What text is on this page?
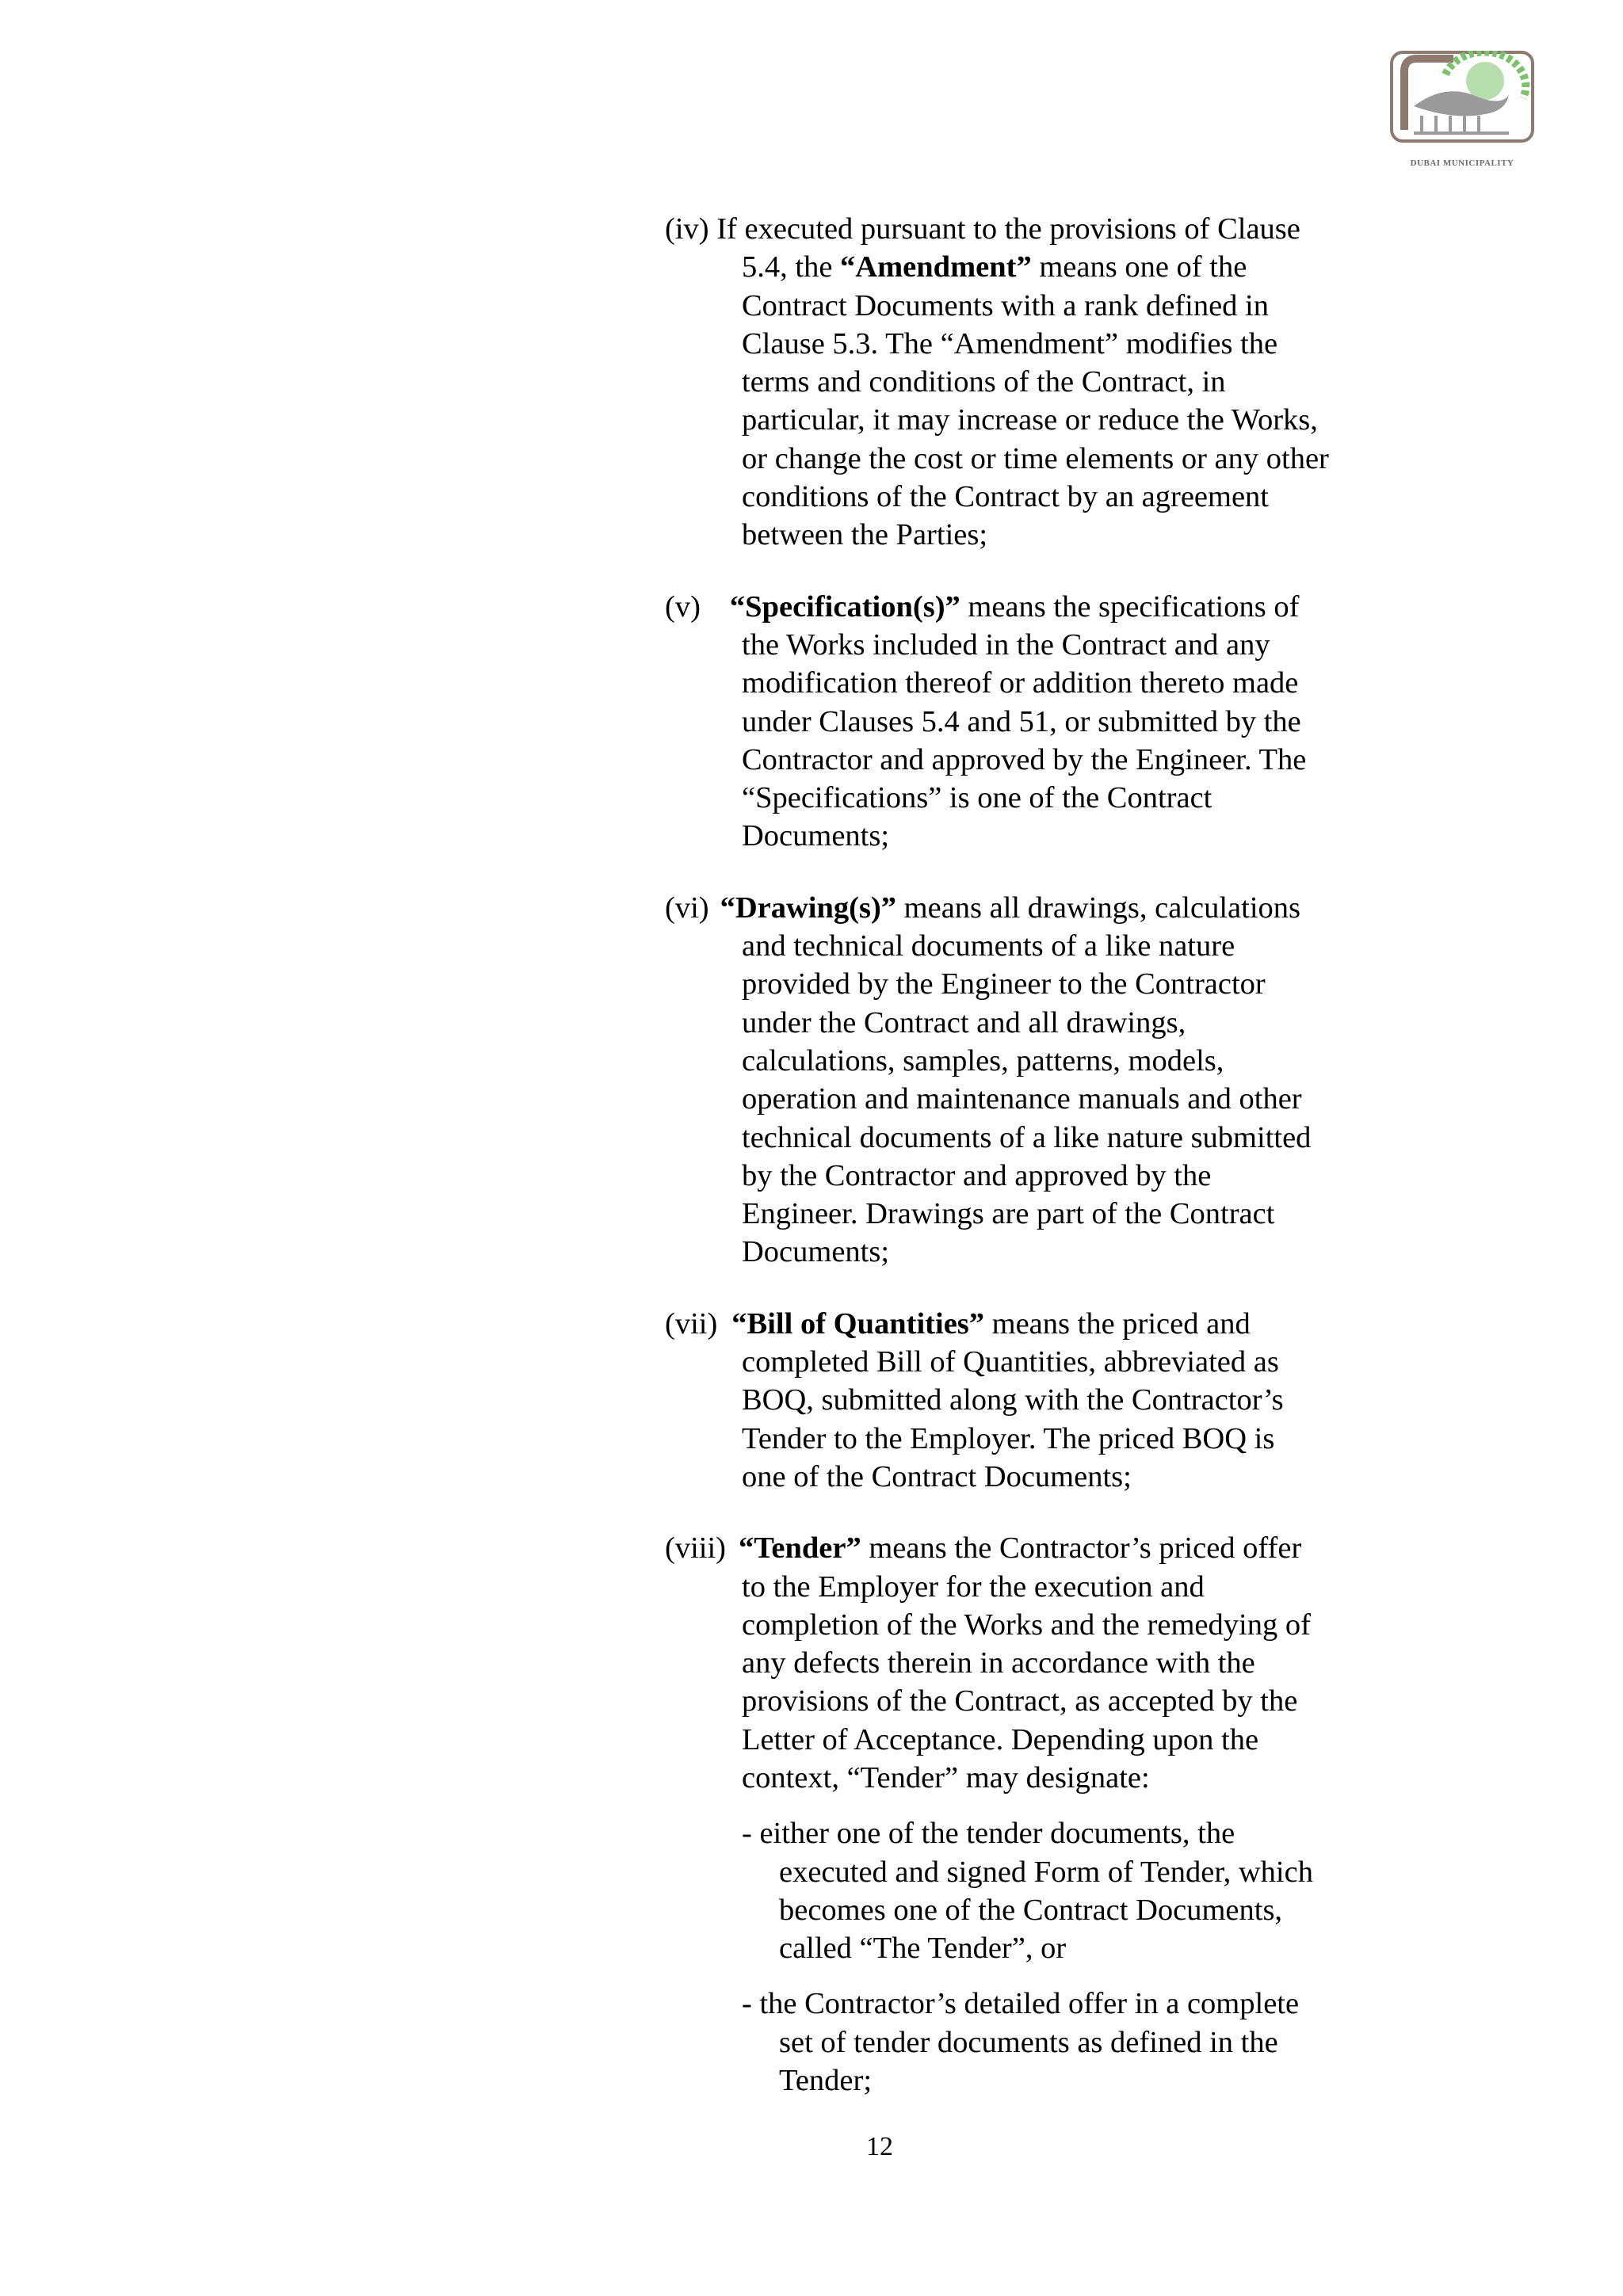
DUBAI MUNICIPALITY
(iv) If executed pursuant to the provisions of Clause
5.4, the “Amendment” means one of the
Contract Documents with a rank defined in
Clause 5.3. The “Amendment” modifies the
terms and conditions of the Contract, in
particular, it may increase or reduce the Works,
or change the cost or time elements or any other
conditions of the Contract by an agreement
between the Parties;
(v) “Specification(s)” means the specifications of
the Works included in the Contract and any
modification thereof or addition thereto made
under Clauses 5.4 and 51, or submitted by the
Contractor and approved by the Engineer. The
“Specifications” is one of the Contract
Documents;
(vi) “Drawing(s)” means all drawings, calculations
and technical documents of a like nature
provided by the Engineer to the Contractor
under the Contract and all drawings,
calculations, samples, patterns, models,
operation and maintenance manuals and other
technical documents of a like nature submitted
by the Contractor and approved by the
Engineer. Drawings are part of the Contract
Documents;
(vii) “Bill of Quantities” means the priced and
completed Bill of Quantities, abbreviated as
BOQ, submitted along with the Contractor’s
Tender to the Employer. The priced BOQ is
one of the Contract Documents;
(viii) “Tender” means the Contractor’s priced offer
to the Employer for the execution and
completion of the Works and the remedying of
any defects therein in accordance with the
provisions of the Contract, as accepted by the
Letter of Acceptance. Depending upon the
context, “Tender” may designate:
- either one of the tender documents, the
executed and signed Form of Tender, which
becomes one of the Contract Documents,
called “The Tender”, or
- the Contractor’s detailed offer in a complete
set of tender documents as defined in the
Tender;
12
